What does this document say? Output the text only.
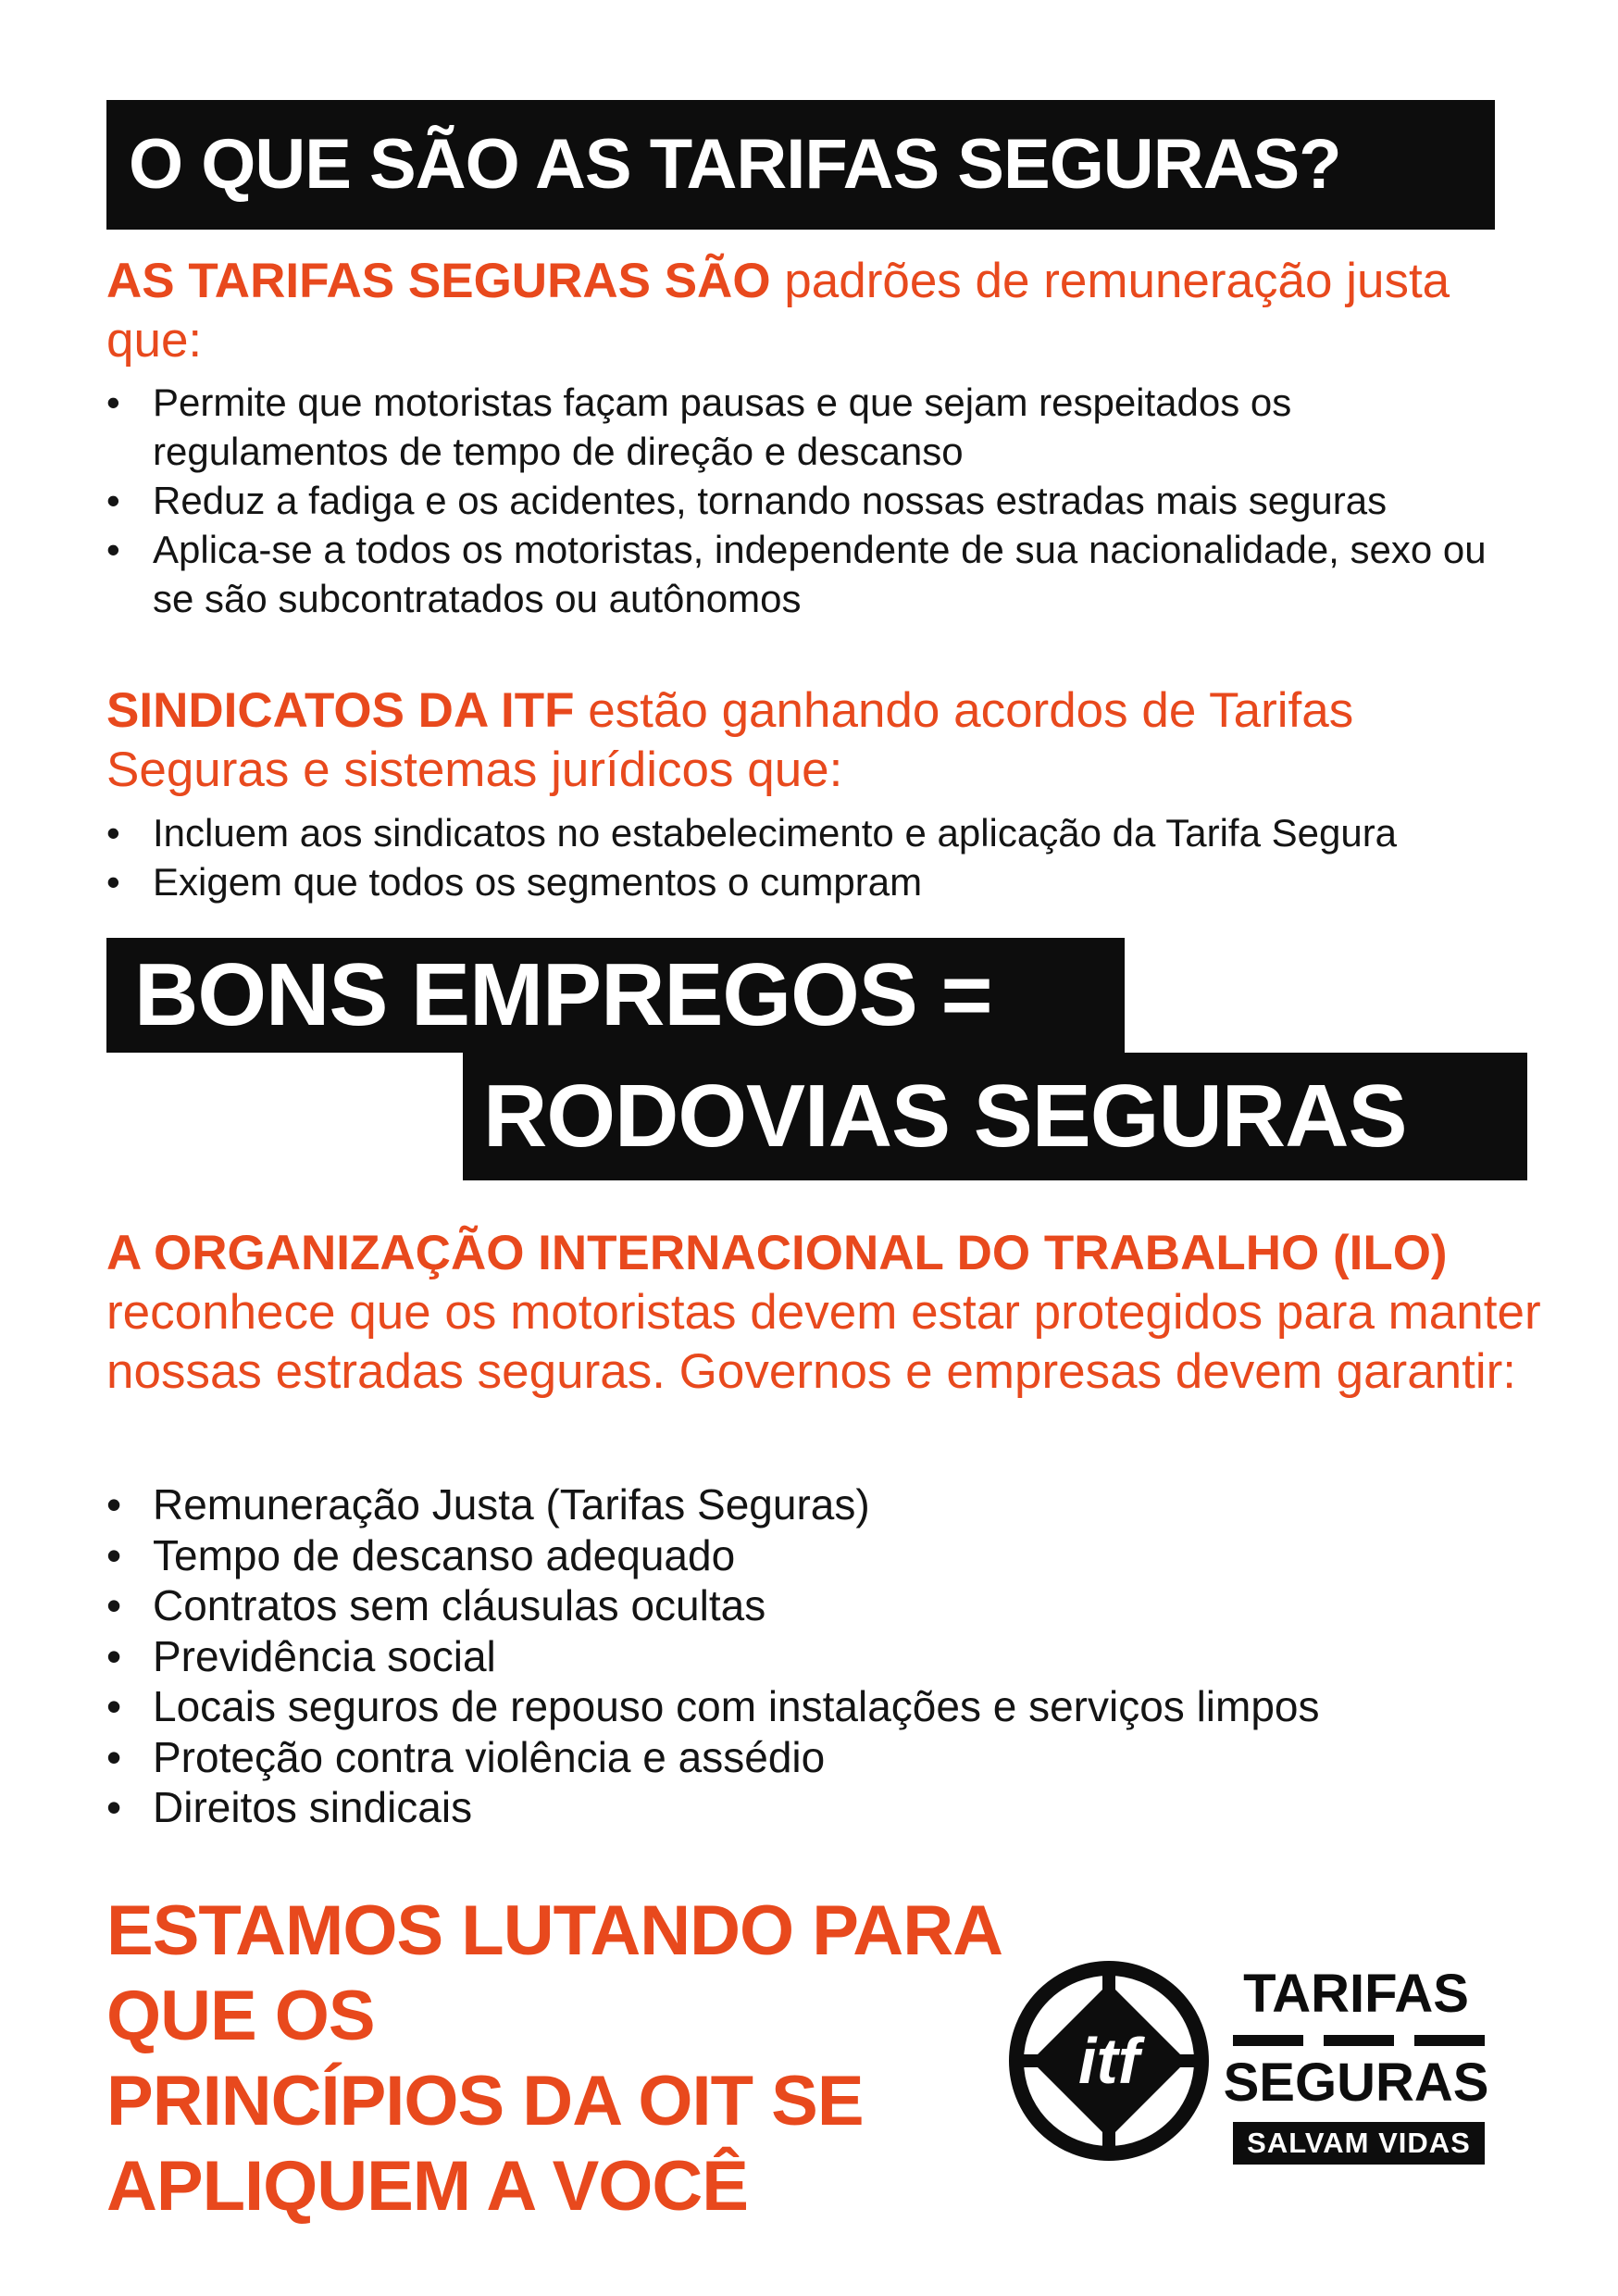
O QUE SÃO AS TARIFAS SEGURAS?
AS TARIFAS SEGURAS SÃO padrões de remuneração justa que:
• Permite que motoristas façam pausas e que sejam respeitados os regulamentos de tempo de direção e descanso
• Reduz a fadiga e os acidentes, tornando nossas estradas mais seguras
• Aplica-se a todos os motoristas, independente de sua nacionalidade, sexo ou se são subcontratados ou autônomos
SINDICATOS DA ITF estão ganhando acordos de Tarifas Seguras e sistemas jurídicos que:
• Incluem aos sindicatos no estabelecimento e aplicação da Tarifa Segura
• Exigem que todos os segmentos o cumpram
BONS EMPREGOS =
RODOVIAS SEGURAS
A ORGANIZAÇÃO INTERNACIONAL DO TRABALHO (ILO) reconhece que os motoristas devem estar protegidos para manter nossas estradas seguras. Governos e empresas devem garantir:
• Remuneração Justa (Tarifas Seguras)
• Tempo de descanso adequado
• Contratos sem cláusulas ocultas
• Previdência social
• Locais seguros de repouso com instalações e serviços limpos
• Proteção contra violência e assédio
• Direitos sindicais
ESTAMOS LUTANDO PARA QUE OS
PRINCÍPIOS DA OIT SE
APLIQUEM A VOCÊ
itf
TARIFAS
SEGURAS
SALVAM VIDAS
